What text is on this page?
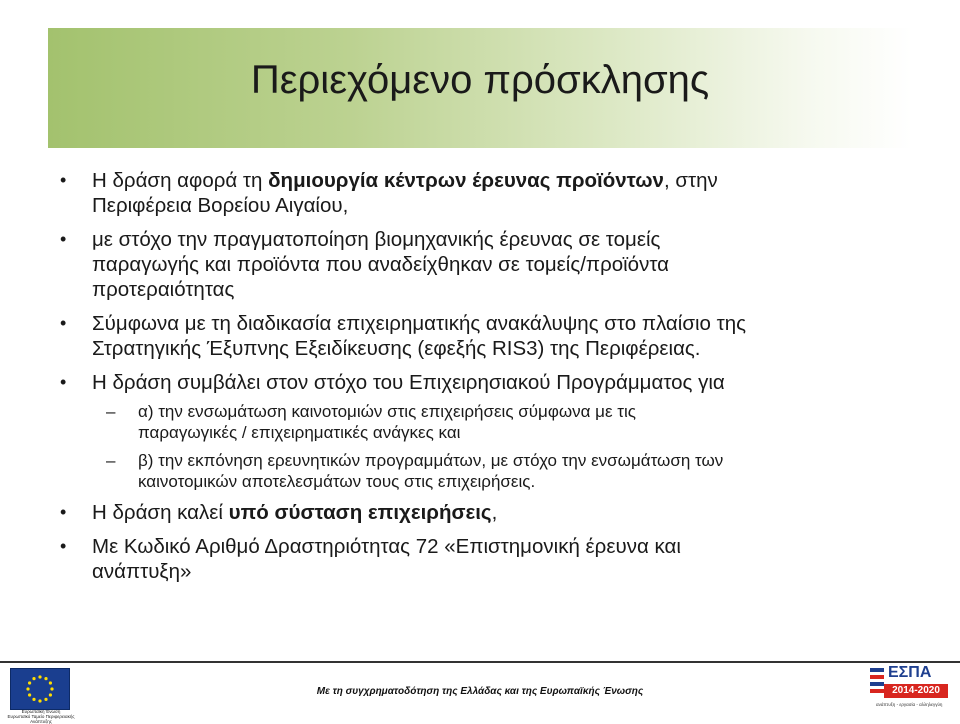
Περιεχόμενο πρόσκλησης
• Η δράση αφορά τη δημιουργία κέντρων έρευνας προϊόντων, στην
Περιφέρεια Βορείου Αιγαίου,
• με στόχο την πραγματοποίηση βιομηχανικής έρευνας σε τομείς
παραγωγής και προϊόντα που αναδείχθηκαν σε τομείς/προϊόντα
προτεραιότητας
• Σύμφωνα με τη διαδικασία επιχειρηματικής ανακάλυψης στο πλαίσιο της
Στρατηγικής Έξυπνης Εξειδίκευσης (εφεξής RIS3) της Περιφέρειας.
• Η δράση συμβάλει στον στόχο του Επιχειρησιακού Προγράμματος για
– α) την ενσωμάτωση καινοτομιών στις επιχειρήσεις σύμφωνα με τις
παραγωγικές / επιχειρηματικές ανάγκες και
– β) την εκπόνηση ερευνητικών προγραμμάτων, με στόχο την ενσωμάτωση των
καινοτομικών αποτελεσμάτων τους στις επιχειρήσεις.
• Η δράση καλεί υπό σύσταση επιχειρήσεις,
• Με Κωδικό Αριθμό Δραστηριότητας 72 «Επιστημονική έρευνα και
ανάπτυξη»
Ευρωπαϊκή Ένωση
Ευρωπαϊκό Ταμείο Περιφερειακής Ανάπτυξης
Με τη συγχρηματοδότηση της Ελλάδας και της Ευρωπαϊκής Ένωσης
ΕΣΠΑ
2014-2020
ανάπτυξη - εργασία - αλληλεγγύη
